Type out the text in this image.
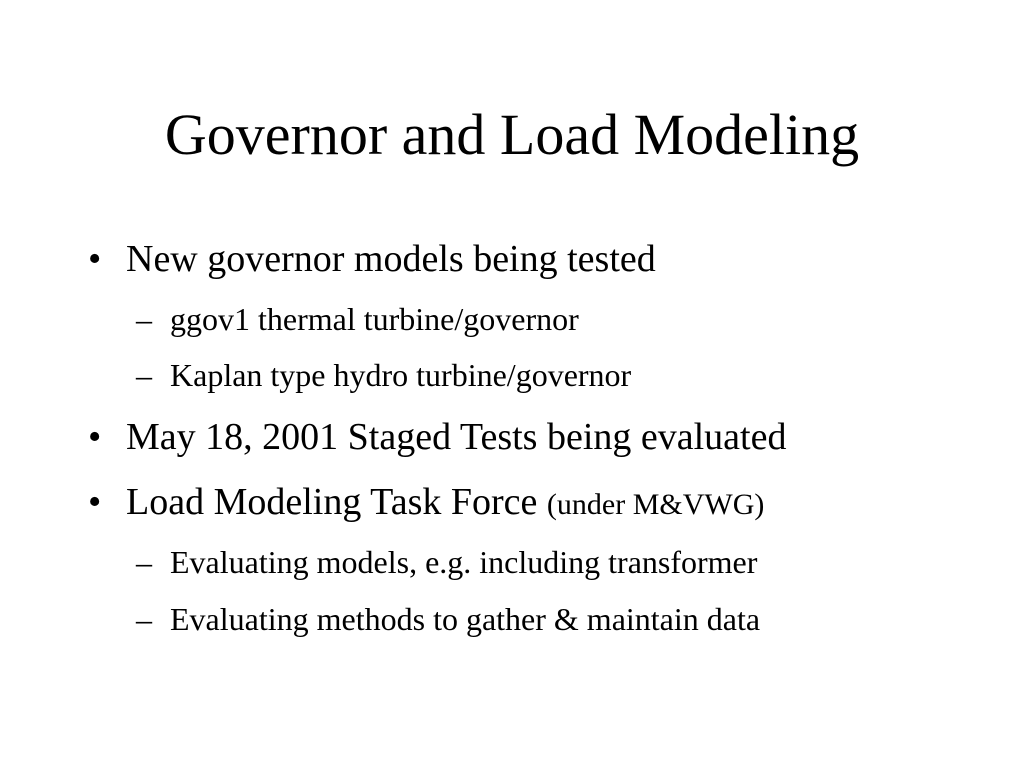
Governor and Load Modeling
• New governor models being tested
– ggov1 thermal turbine/governor
– Kaplan type hydro turbine/governor
• May 18, 2001 Staged Tests being evaluated
• Load Modeling Task Force (under M&VWG)
– Evaluating models, e.g. including transformer
– Evaluating methods to gather & maintain data
